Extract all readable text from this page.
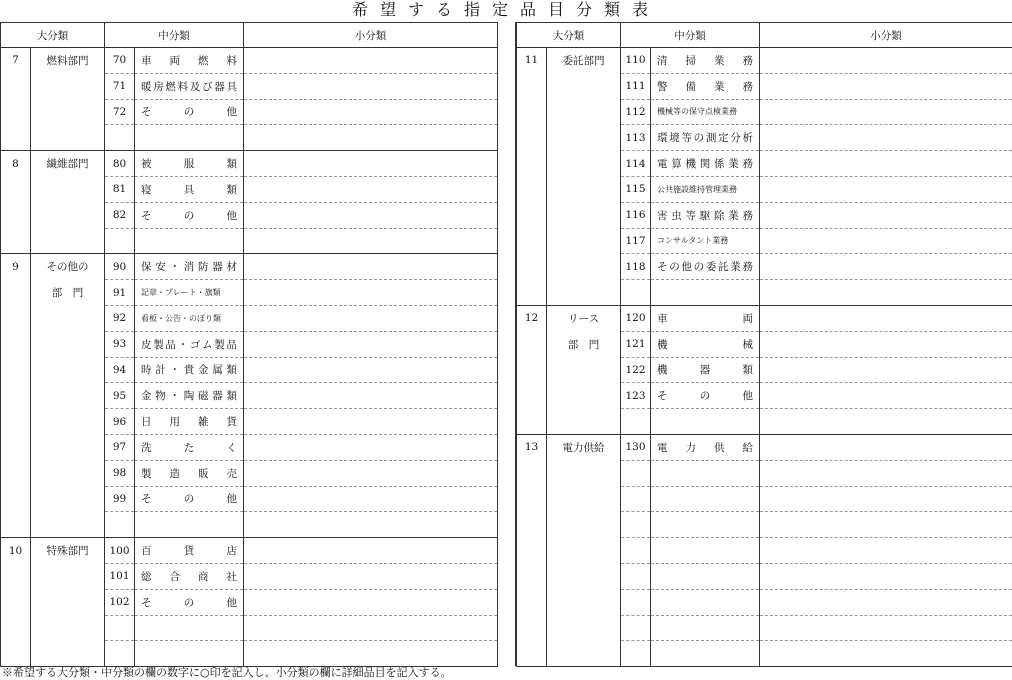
希望する指定品目分類表
大分類		中分類		小分類
7	燃料部門	70	車両燃料	
		71	暖房燃料及び器具	
		72	その他	

8	繊維部門	80	被服類	
		81	寝具類	
		82	その他	

9	その他の	90	保安・消防器材	
	部　門	91	記章・プレート・旗類	
		92	看板・公告・のぼり類	
		93	皮製品・ゴム製品	
		94	時計・貴金属類	
		95	金物・陶磁器類	
		96	日用雑貨	
		97	洗たく	
		98	製造販売	
		99	その他	

10	特殊部門	100	百貨店	
		101	総合商社	
		102	その他	

大分類		中分類		小分類
11	委託部門	110	清掃業務	
		111	警備業務	
		112	機械等の保守点検業務	
		113	環境等の測定分析	
		114	電算機関係業務	
		115	公共施設維持管理業務	
		116	害虫等駆除業務	
		117	コンサルタント業務	
		118	その他の委託業務	

12	リース	120	車両	
	部　門	121	機械	
		122	機器類	
		123	その他	

13	電力供給	130	電力供給	

※希望する大分類・中分類の欄の数字に○印を記入し、小分類の欄に詳細品目を記入する。
